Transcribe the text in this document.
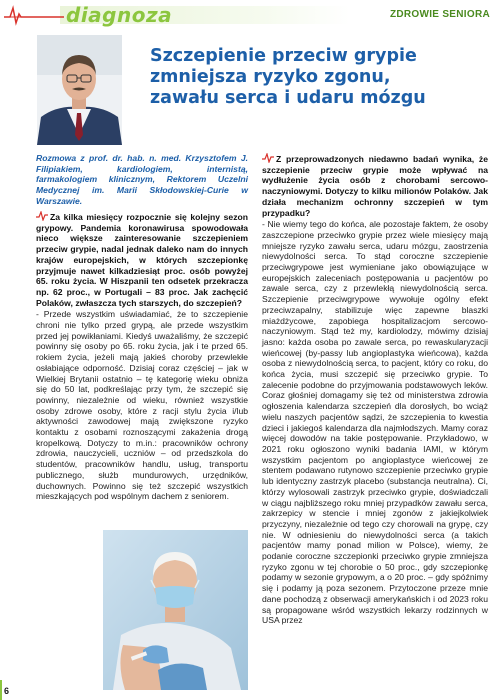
diagnoza	ZDROWIE SENIORA
Szczepienie przeciw grypie
zmniejsza ryzyko zgonu,
zawału serca i udaru mózgu

Rozmowa z prof. dr. hab. n. med. Krzysztofem J. Filipiakiem, kardiologiem, internistą, farmakologiem klinicznym, Rektorem Uczelni Medycznej im. Marii Skłodowskiej-Curie w Warszawie.

Za kilka miesięcy rozpocznie się kolejny sezon grypowy. Pandemia koronawirusa spowodowała nieco większe zainteresowanie szczepieniem przeciw grypie, nadal jednak daleko nam do innych krajów europejskich, w których szczepionkę przyjmuje nawet kilkadziesiąt proc. osób powyżej 65. roku życia. W Hiszpanii ten odsetek przekracza np. 62 proc., w Portugali – 83 proc. Jak zachęcić Polaków, zwłaszcza tych starszych, do szczepień?

- Przede wszystkim uświadamiać, że to szczepienie chroni nie tylko przed grypą, ale przede wszystkim przed jej powikłaniami. Kiedyś uważaliśmy, że szczepić powinny się osoby po 65. roku życia, jak i te przed 65. rokiem życia, jeżeli mają jakieś choroby przewlekłe osłabiające odporność. Dzisiaj coraz częściej – jak w Wielkiej Brytanii ostatnio – tę kategorię wieku obniża się do 50 lat, podkreślając przy tym, że szczepić się powinny, niezależnie od wieku, również wszystkie osoby zdrowe osoby, które z racji stylu życia i/lub aktywności zawodowej mają zwiększone ryzyko kontaktu z osobami roznoszącymi zakażenia drogą kropelkową. Dotyczy to m.in.: pracowników ochrony zdrowia, nauczycieli, uczniów – od przedszkola do studentów, pracowników handlu, usług, transportu publicznego, służb mundurowych, urzędników, duchownych. Powinno się też szczepić wszystkich mieszkających pod wspólnym dachem z seniorem.

Z przeprowadzonych niedawno badań wynika, że szczepienie przeciw grypie może wpływać na wydłużenie życia osób z chorobami sercowo-naczyniowymi. Dotyczy to kilku milionów Polaków. Jak działa mechanizm ochronny szczepień w tym przypadku?

- Nie wiemy tego do końca, ale pozostaje faktem, że osoby zaszczepione przeciwko grypie przez wiele miesięcy mają mniejsze ryzyko zawału serca, udaru mózgu, zaostrzenia niewydolności serca. To stąd coroczne szczepienie przeciwgrypowe jest wymieniane jako obowiązujące w europejskich zaleceniach postępowania u pacjentów po zawale serca, czy z przewlekłą niewydolnością serca. Szczepienie przeciwgrypowe wywołuje ogólny efekt przeciwzapalny, stabilizuje więc zapewne blaszki miażdżycowe, zapobiega hospitalizacjom sercowo-naczyniowym. Stąd też my, kardiolodzy, mówimy dzisiaj jasno: każda osoba po zawale serca, po rewaskularyzacji wieńcowej (by-passy lub angioplastyka wieńcowa), każda osoba z niewydolnością serca, to pacjent, który co roku, do końca życia, musi szczepić się przeciwko grypie. To zalecenie podobne do przyjmowania podstawowych leków. Coraz głośniej domagamy się też od ministerstwa zdrowia ogłoszenia kalendarza szczepień dla dorosłych, bo wciąż wielu naszych pacjentów sądzi, że szczepienia to kwestia dzieci i jakiegoś kalendarza dla najmłodszych. Mamy coraz więcej dowodów na takie postępowanie. Przykładowo, w 2021 roku ogłoszono wyniki badania IAMI, w którym wszystkim pacjentom po angioplastyce wieńcowej ze stentem podawano rutynowo szczepienie przeciwko grypie lub identyczny zastrzyk placebo (substancja neutralna). Ci, którzy wylosowali zastrzyk przeciwko grypie, doświadczali w ciągu najbliższego roku mniej przypadków zawału serca, zakrzepicy w stencie i mniej zgonów z jakiejkolwiek przyczyny, niezależnie od tego czy chorowali na grypę, czy nie. W odniesieniu do niewydolności serca (a takich pacjentów mamy ponad milion w Polsce), wiemy, że podanie coroczne szczepionki przeciwko grypie zmniejsza ryzyko zgonu w tej chorobie o 50 proc., gdy szczepionkę podamy w sezonie grypowym, a o 20 proc. – gdy spóźnimy się i podamy ją poza sezonem. Przytoczone przeze mnie dane pochodzą z obserwacji amerykańskich i od 2023 roku są propagowane wśród wszystkich lekarzy rodzinnych w USA przez

6
